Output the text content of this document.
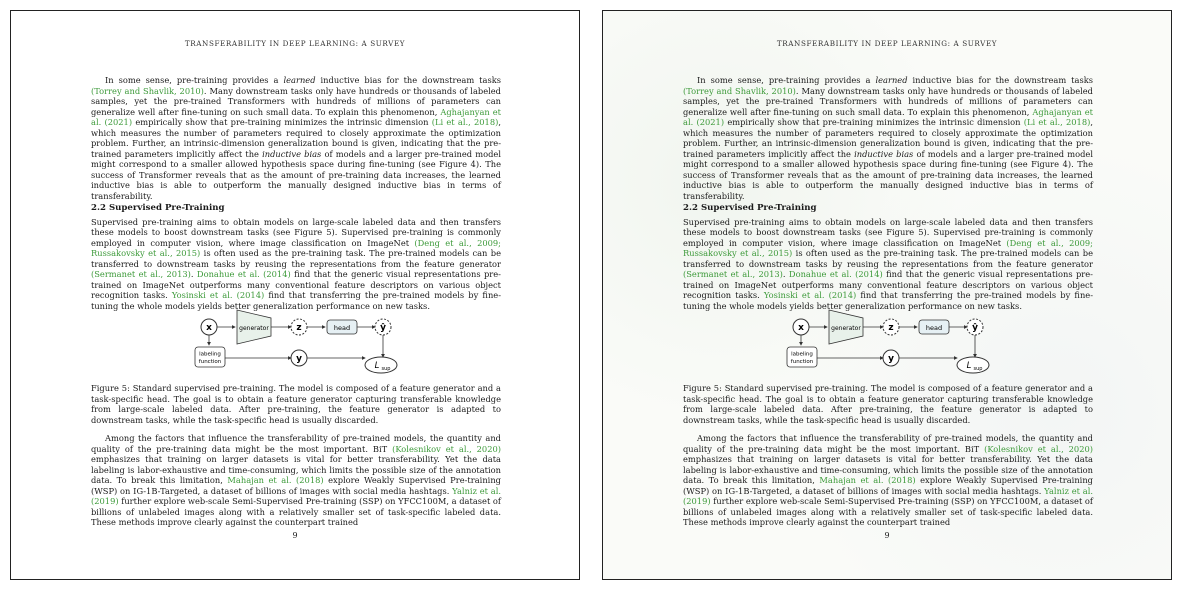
TRANSFERABILITY IN DEEP LEARNING: A SURVEY

In some sense, pre-training provides a learned inductive bias for the downstream tasks (Torrey and Shavlik, 2010). Many downstream tasks only have hundreds or thousands of labeled samples, yet the pre-trained Transformers with hundreds of millions of parameters can generalize well after fine-tuning on such small data. To explain this phenomenon, Aghajanyan et al. (2021) empirically show that pre-training minimizes the intrinsic dimension (Li et al., 2018), which measures the number of parameters required to closely approximate the optimization problem. Further, an intrinsic-dimension generalization bound is given, indicating that the pre-trained parameters implicitly affect the inductive bias of models and a larger pre-trained model might correspond to a smaller allowed hypothesis space during fine-tuning (see Figure 4). The success of Transformer reveals that as the amount of pre-training data increases, the learned inductive bias is able to outperform the manually designed inductive bias in terms of transferability.

2.2 Supervised Pre-Training

Supervised pre-training aims to obtain models on large-scale labeled data and then transfers these models to boost downstream tasks (see Figure 5). Supervised pre-training is commonly employed in computer vision, where image classification on ImageNet (Deng et al., 2009; Russakovsky et al., 2015) is often used as the pre-training task. The pre-trained models can be transferred to downstream tasks by reusing the representations from the feature generator (Sermanet et al., 2013). Donahue et al. (2014) find that the generic visual representations pre-trained on ImageNet outperforms many conventional feature descriptors on various object recognition tasks. Yosinski et al. (2014) find that transferring the pre-trained models by fine-tuning the whole models yields better generalization performance on new tasks.

x	generator	z	head	ŷ
labeling
function	y
L sup

Figure 5: Standard supervised pre-training. The model is composed of a feature generator and a task-specific head. The goal is to obtain a feature generator capturing transferable knowledge from large-scale labeled data. After pre-training, the feature generator is adapted to downstream tasks, while the task-specific head is usually discarded.

Among the factors that influence the transferability of pre-trained models, the quantity and quality of the pre-training data might be the most important. BiT (Kolesnikov et al., 2020) emphasizes that training on larger datasets is vital for better transferability. Yet the data labeling is labor-exhaustive and time-consuming, which limits the possible size of the annotation data. To break this limitation, Mahajan et al. (2018) explore Weakly Supervised Pre-training (WSP) on IG-1B-Targeted, a dataset of billions of images with social media hashtags. Yalniz et al. (2019) further explore web-scale Semi-Supervised Pre-training (SSP) on YFCC100M, a dataset of billions of unlabeled images along with a relatively smaller set of task-specific labeled data. These methods improve clearly against the counterpart trained

9
TRANSFERABILITY IN DEEP LEARNING: A SURVEY

In some sense, pre-training provides a learned inductive bias for the downstream tasks (Torrey and Shavlik, 2010). Many downstream tasks only have hundreds or thousands of labeled samples, yet the pre-trained Transformers with hundreds of millions of parameters can generalize well after fine-tuning on such small data. To explain this phenomenon, Aghajanyan et al. (2021) empirically show that pre-training minimizes the intrinsic dimension (Li et al., 2018), which measures the number of parameters required to closely approximate the optimization problem. Further, an intrinsic-dimension generalization bound is given, indicating that the pre-trained parameters implicitly affect the inductive bias of models and a larger pre-trained model might correspond to a smaller allowed hypothesis space during fine-tuning (see Figure 4). The success of Transformer reveals that as the amount of pre-training data increases, the learned inductive bias is able to outperform the manually designed inductive bias in terms of transferability.

2.2 Supervised Pre-Training

Supervised pre-training aims to obtain models on large-scale labeled data and then transfers these models to boost downstream tasks (see Figure 5). Supervised pre-training is commonly employed in computer vision, where image classification on ImageNet (Deng et al., 2009; Russakovsky et al., 2015) is often used as the pre-training task. The pre-trained models can be transferred to downstream tasks by reusing the representations from the feature generator (Sermanet et al., 2013). Donahue et al. (2014) find that the generic visual representations pre-trained on ImageNet outperforms many conventional feature descriptors on various object recognition tasks. Yosinski et al. (2014) find that transferring the pre-trained models by fine-tuning the whole models yields better generalization performance on new tasks.

x	generator	z	head	ŷ
labeling
function	y
L sup

Figure 5: Standard supervised pre-training. The model is composed of a feature generator and a task-specific head. The goal is to obtain a feature generator capturing transferable knowledge from large-scale labeled data. After pre-training, the feature generator is adapted to downstream tasks, while the task-specific head is usually discarded.

Among the factors that influence the transferability of pre-trained models, the quantity and quality of the pre-training data might be the most important. BiT (Kolesnikov et al., 2020) emphasizes that training on larger datasets is vital for better transferability. Yet the data labeling is labor-exhaustive and time-consuming, which limits the possible size of the annotation data. To break this limitation, Mahajan et al. (2018) explore Weakly Supervised Pre-training (WSP) on IG-1B-Targeted, a dataset of billions of images with social media hashtags. Yalniz et al. (2019) further explore web-scale Semi-Supervised Pre-training (SSP) on YFCC100M, a dataset of billions of unlabeled images along with a relatively smaller set of task-specific labeled data. These methods improve clearly against the counterpart trained

9
